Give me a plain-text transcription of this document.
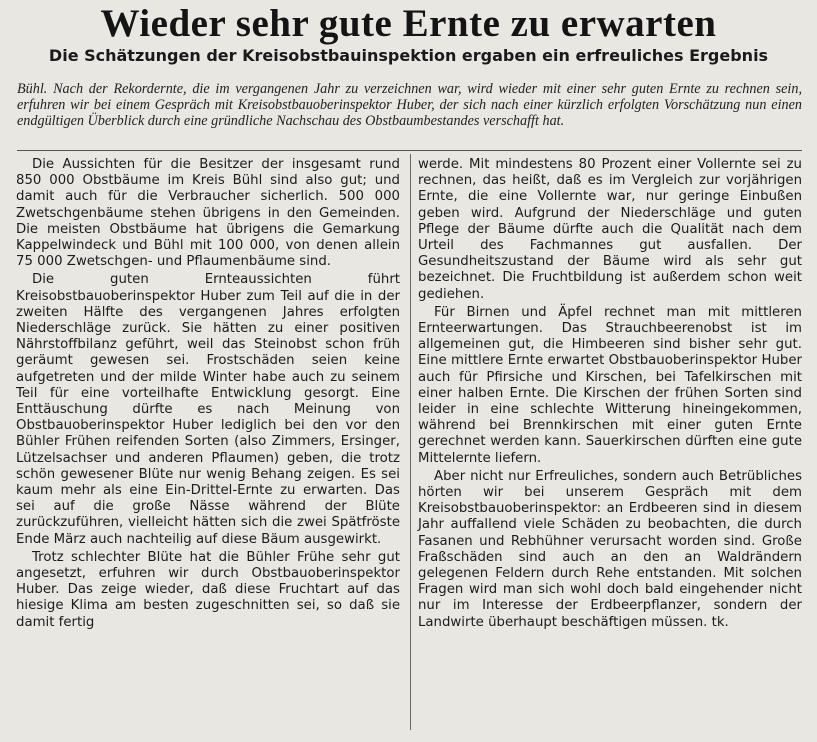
Wieder sehr gute Ernte zu erwarten
Die Schätzungen der Kreisobstbauinspektion ergaben ein erfreuliches Ergebnis
Bühl. Nach der Rekordernte, die im vergangenen Jahr zu verzeichnen war, wird wieder mit einer sehr guten Ernte zu rechnen sein, erfuhren wir bei einem Gespräch mit Kreisobstbauoberinspektor Huber, der sich nach einer kürzlich erfolgten Vorschätzung nun einen endgültigen Überblick durch eine gründliche Nachschau des Obstbaumbestandes verschafft hat.

Die Aussichten für die Besitzer der insgesamt rund 850 000 Obstbäume im Kreis Bühl sind also gut; und damit auch für die Verbraucher sicherlich. 500 000 Zwetschgenbäume stehen übrigens in den Gemeinden. Die meisten Obstbäume hat übrigens die Gemarkung Kappelwindeck und Bühl mit 100 000, von denen allein 75 000 Zwetschgen- und Pflaumenbäume sind.

Die guten Ernteaussichten führt Kreisobstbauoberinspektor Huber zum Teil auf die in der zweiten Hälfte des vergangenen Jahres erfolgten Niederschläge zurück. Sie hätten zu einer positiven Nährstoffbilanz geführt, weil das Steinobst schon früh geräumt gewesen sei. Frostschäden seien keine aufgetreten und der milde Winter habe auch zu seinem Teil für eine vorteilhafte Entwicklung gesorgt. Eine Enttäuschung dürfte es nach Meinung von Obstbauoberinspektor Huber lediglich bei den vor den Bühler Frühen reifenden Sorten (also Zimmers, Ersinger, Lützelsachser und anderen Pflaumen) geben, die trotz schön gewesener Blüte nur wenig Behang zeigen. Es sei kaum mehr als eine Ein-Drittel-Ernte zu erwarten. Das sei auf die große Nässe während der Blüte zurückzuführen, vielleicht hätten sich die zwei Spätfröste Ende März auch nachteilig auf diese Bäum ausgewirkt.

Trotz schlechter Blüte hat die Bühler Frühe sehr gut angesetzt, erfuhren wir durch Obstbauoberinspektor Huber. Das zeige wieder, daß diese Fruchtart auf das hiesige Klima am besten zugeschnitten sei, so daß sie damit fertig

werde. Mit mindestens 80 Prozent einer Vollernte sei zu rechnen, das heißt, daß es im Vergleich zur vorjährigen Ernte, die eine Vollernte war, nur geringe Einbußen geben wird. Aufgrund der Niederschläge und guten Pflege der Bäume dürfte auch die Qualität nach dem Urteil des Fachmannes gut ausfallen. Der Gesundheitszustand der Bäume wird als sehr gut bezeichnet. Die Fruchtbildung ist außerdem schon weit gediehen.

Für Birnen und Äpfel rechnet man mit mittleren Ernteerwartungen. Das Strauchbeerenobst ist im allgemeinen gut, die Himbeeren sind bisher sehr gut. Eine mittlere Ernte erwartet Obstbauoberinspektor Huber auch für Pfirsiche und Kirschen, bei Tafelkirschen mit einer halben Ernte. Die Kirschen der frühen Sorten sind leider in eine schlechte Witterung hineingekommen, während bei Brennkirschen mit einer guten Ernte gerechnet werden kann. Sauerkirschen dürften eine gute Mittelernte liefern.

Aber nicht nur Erfreuliches, sondern auch Betrübliches hörten wir bei unserem Gespräch mit dem Kreisobstbauoberinspektor: an Erdbeeren sind in diesem Jahr auffallend viele Schäden zu beobachten, die durch Fasanen und Rebhühner verursacht worden sind. Große Fraßschäden sind auch an den an Waldrändern gelegenen Feldern durch Rehe entstanden. Mit solchen Fragen wird man sich wohl doch bald eingehender nicht nur im Interesse der Erdbeerpflanzer, sondern der Landwirte überhaupt beschäftigen müssen. tk.
